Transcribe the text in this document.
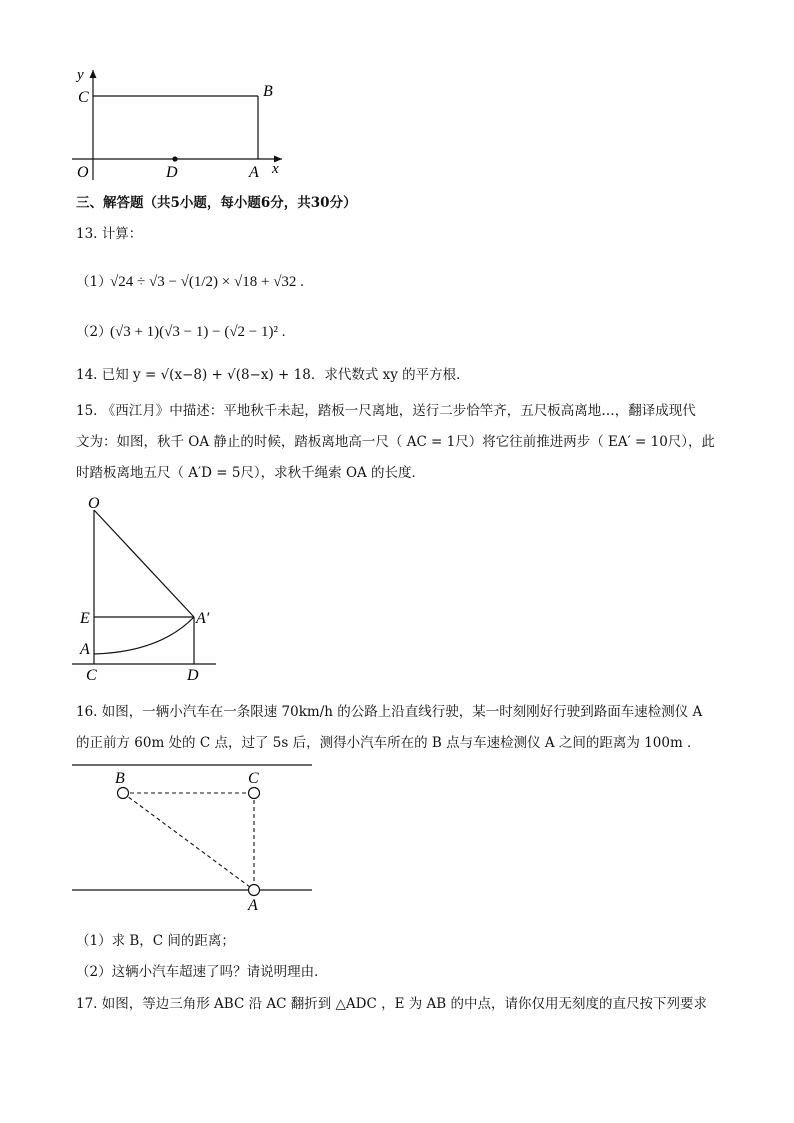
y
C	B
O	D	A x
三、解答题（共5小题，每小题6分，共30分）
13. 计算：
（1）
√24 ÷ √3 − √(1/2) × √18 + √32 .
（2）
(√3 + 1)(√3 − 1) − (√2 − 1)² .
14. 已知 y = √(x−8) + √(8−x) + 18．求代数式 xy 的平方根．
15. 《西江月》中描述：平地秋千未起，踏板一尺离地，送行二步恰竿齐，五尺板高离地…，翻译成现代
文为：如图，秋千 OA 静止的时候，踏板离地高一尺（ AC = 1尺）将它往前推进两步（ EA′ = 10尺），此
时踏板离地五尺（ A′D = 5尺），求秋千绳索 OA 的长度．
O
E	A′
A
C	D
16. 如图，一辆小汽车在一条限速 70km/h 的公路上沿直线行驶，某一时刻刚好行驶到路面车速检测仪 A
的正前方 60m 处的 C 点，过了 5s 后，测得小汽车所在的 B 点与车速检测仪 A 之间的距离为 100m ．
B	C
A
（1）求 B，C 间的距离；
（2）这辆小汽车超速了吗？请说明理由．
17. 如图，等边三角形 ABC 沿 AC 翻折到 △ADC ，E 为 AB 的中点，请你仅用无刻度的直尺按下列要求
